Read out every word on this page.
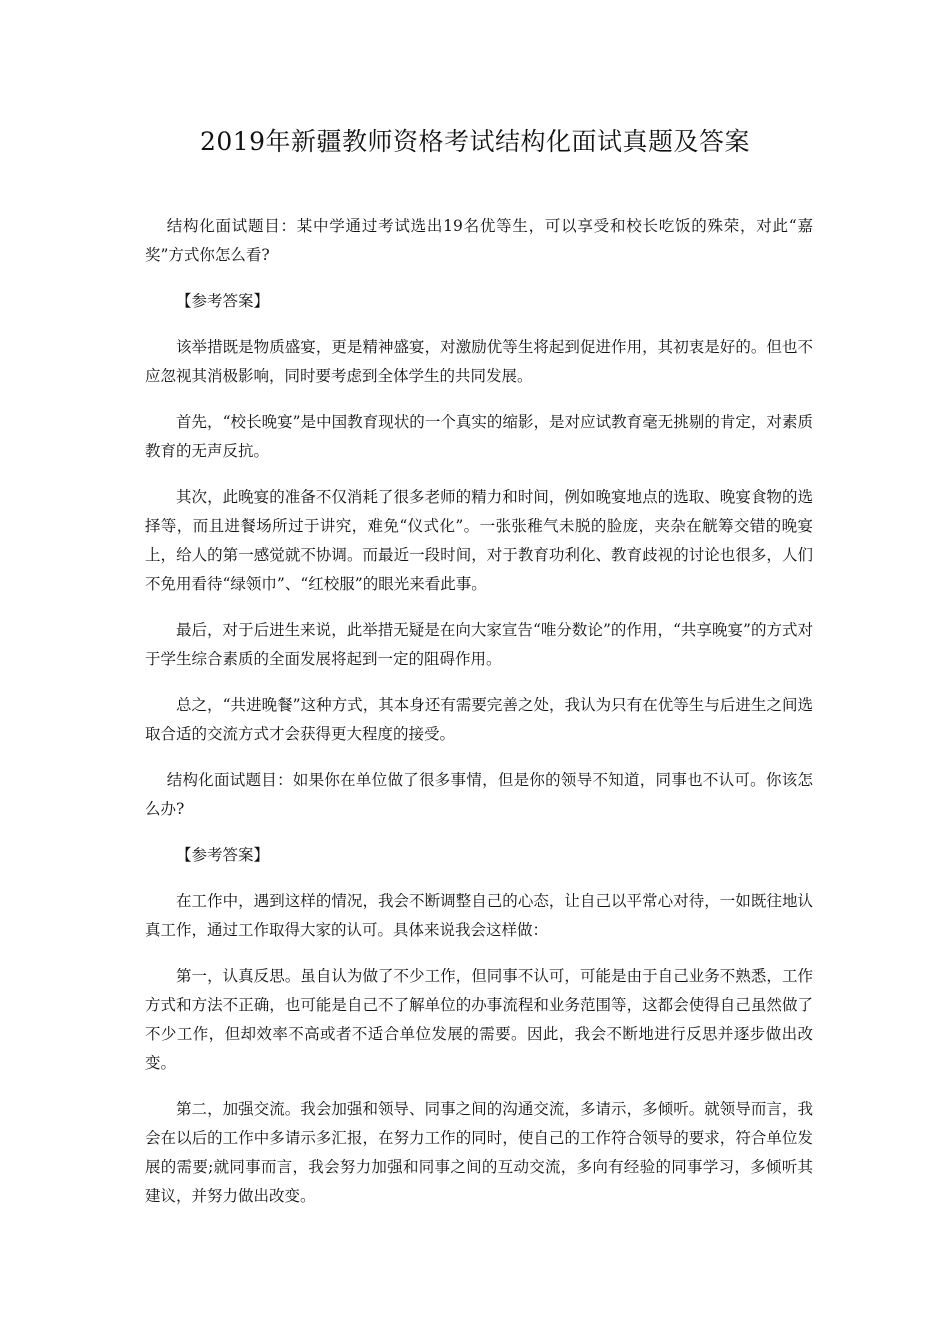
2019年新疆教师资格考试结构化面试真题及答案

结构化面试题目：某中学通过考试选出19名优等生，可以享受和校长吃饭的殊荣，对此“嘉奖”方式你怎么看?

【参考答案】

该举措既是物质盛宴，更是精神盛宴，对激励优等生将起到促进作用，其初衷是好的。但也不应忽视其消极影响，同时要考虑到全体学生的共同发展。

首先，“校长晚宴”是中国教育现状的一个真实的缩影，是对应试教育毫无挑剔的肯定，对素质教育的无声反抗。

其次，此晚宴的准备不仅消耗了很多老师的精力和时间，例如晚宴地点的选取、晚宴食物的选择等，而且进餐场所过于讲究，难免“仪式化”。一张张稚气未脱的脸庞，夹杂在觥筹交错的晚宴上，给人的第一感觉就不协调。而最近一段时间，对于教育功利化、教育歧视的讨论也很多，人们不免用看待“绿领巾”、“红校服”的眼光来看此事。

最后，对于后进生来说，此举措无疑是在向大家宣告“唯分数论”的作用，“共享晚宴”的方式对于学生综合素质的全面发展将起到一定的阻碍作用。

总之，“共进晚餐”这种方式，其本身还有需要完善之处，我认为只有在优等生与后进生之间选取合适的交流方式才会获得更大程度的接受。

结构化面试题目：如果你在单位做了很多事情，但是你的领导不知道，同事也不认可。你该怎么办?

【参考答案】

在工作中，遇到这样的情况，我会不断调整自己的心态，让自己以平常心对待，一如既往地认真工作，通过工作取得大家的认可。具体来说我会这样做：

第一，认真反思。虽自认为做了不少工作，但同事不认可，可能是由于自己业务不熟悉，工作方式和方法不正确，也可能是自己不了解单位的办事流程和业务范围等，这都会使得自己虽然做了不少工作，但却效率不高或者不适合单位发展的需要。因此，我会不断地进行反思并逐步做出改变。

第二，加强交流。我会加强和领导、同事之间的沟通交流，多请示，多倾听。就领导而言，我会在以后的工作中多请示多汇报，在努力工作的同时，使自己的工作符合领导的要求，符合单位发展的需要;就同事而言，我会努力加强和同事之间的互动交流，多向有经验的同事学习，多倾听其建议，并努力做出改变。
